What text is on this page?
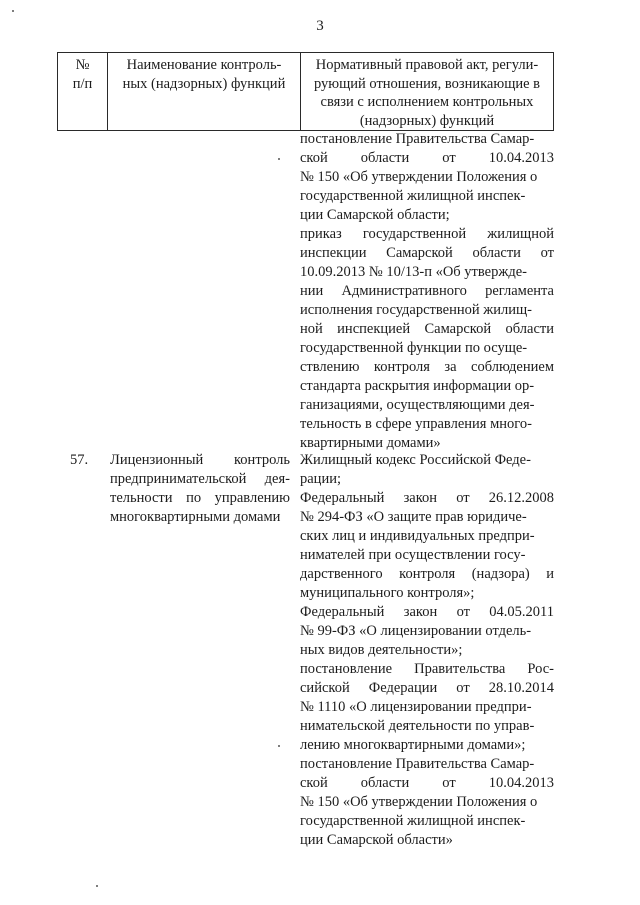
3
№
п/п
Наименование контроль-
ных (надзорных) функций
Нормативный правовой акт, регули-
рующий отношения, возникающие в
связи с исполнением контрольных
(надзорных) функций
постановление Правительства Самар-
ской области от 10.04.2013
№ 150 «Об утверждении Положения о
государственной жилищной инспек-
ции Самарской области;
приказ государственной жилищной
инспекции Самарской области от
10.09.2013 № 10/13-п «Об утвержде-
нии Административного регламента
исполнения государственной жилищ-
ной инспекцией Самарской области
государственной функции по осуще-
ствлению контроля за соблюдением
стандарта раскрытия информации ор-
ганизациями, осуществляющими дея-
тельность в сфере управления много-
квартирными домами»
57.	Лицензионный контроль
предпринимательской дея-
тельности по управлению
многоквартирными домами
Жилищный кодекс Российской Феде-
рации;
Федеральный закон от 26.12.2008
№ 294-ФЗ «О защите прав юридиче-
ских лиц и индивидуальных предпри-
нимателей при осуществлении госу-
дарственного контроля (надзора) и
муниципального контроля»;
Федеральный закон от 04.05.2011
№ 99-ФЗ «О лицензировании отдель-
ных видов деятельности»;
постановление Правительства Рос-
сийской Федерации от 28.10.2014
№ 1110 «О лицензировании предпри-
нимательской деятельности по управ-
лению многоквартирными домами»;
постановление Правительства Самар-
ской области от 10.04.2013
№ 150 «Об утверждении Положения о
государственной жилищной инспек-
ции Самарской области»
